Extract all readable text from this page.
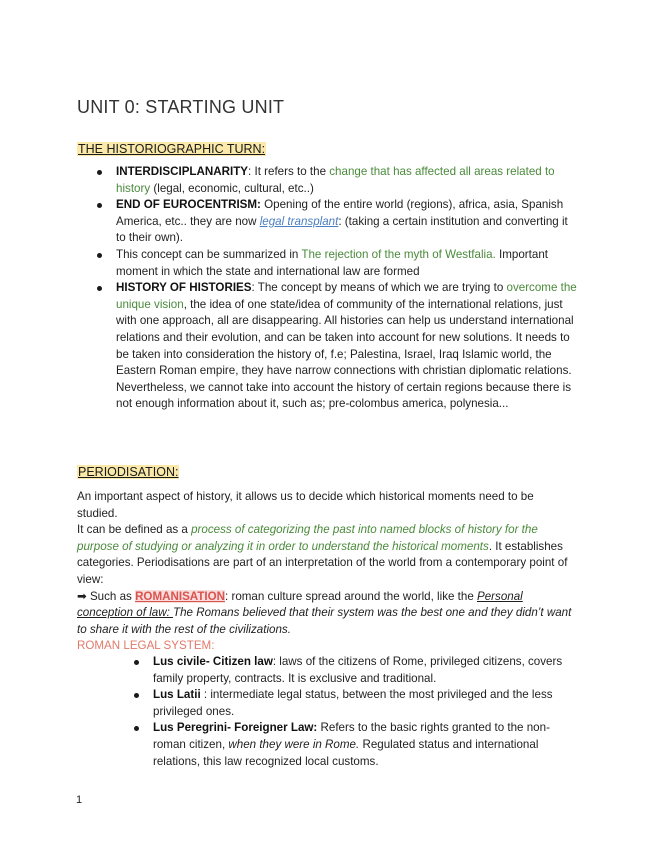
UNIT 0: STARTING UNIT
THE HISTORIOGRAPHIC TURN:
INTERDISCIPLANARITY: It refers to the change that has affected all areas related to history (legal, economic, cultural, etc..)
END OF EUROCENTRISM: Opening of the entire world (regions), africa, asia, Spanish America, etc.. they are now legal transplant: (taking a certain institution and converting it to their own).
This concept can be summarized in The rejection of the myth of Westfalia. Important moment in which the state and international law are formed
HISTORY OF HISTORIES: The concept by means of which we are trying to overcome the unique vision, the idea of one state/idea of community of the international relations, just with one approach, all are disappearing. All histories can help us understand international relations and their evolution, and can be taken into account for new solutions. It needs to be taken into consideration the history of, f.e; Palestina, Israel, Iraq Islamic world, the Eastern Roman empire, they have narrow connections with christian diplomatic relations. Nevertheless, we cannot take into account the history of certain regions because there is not enough information about it, such as; pre-colombus america, polynesia...
PERIODISATION:
An important aspect of history, it allows us to decide which historical moments need to be studied.
It can be defined as a process of categorizing the past into named blocks of history for the purpose of studying or analyzing it in order to understand the historical moments. It establishes categories. Periodisations are part of an interpretation of the world from a contemporary point of view:
➡ Such as ROMANISATION: roman culture spread around the world, like the Personal conception of law: The Romans believed that their system was the best one and they didn’t want to share it with the rest of the civilizations.
ROMAN LEGAL SYSTEM:
Lus civile- Citizen law: laws of the citizens of Rome, privileged citizens, covers family property, contracts. It is exclusive and traditional.
Lus Latii : intermediate legal status, between the most privileged and the less privileged ones.
Lus Peregrini- Foreigner Law: Refers to the basic rights granted to the non-roman citizen, when they were in Rome. Regulated status and international relations, this law recognized local customs.
1
